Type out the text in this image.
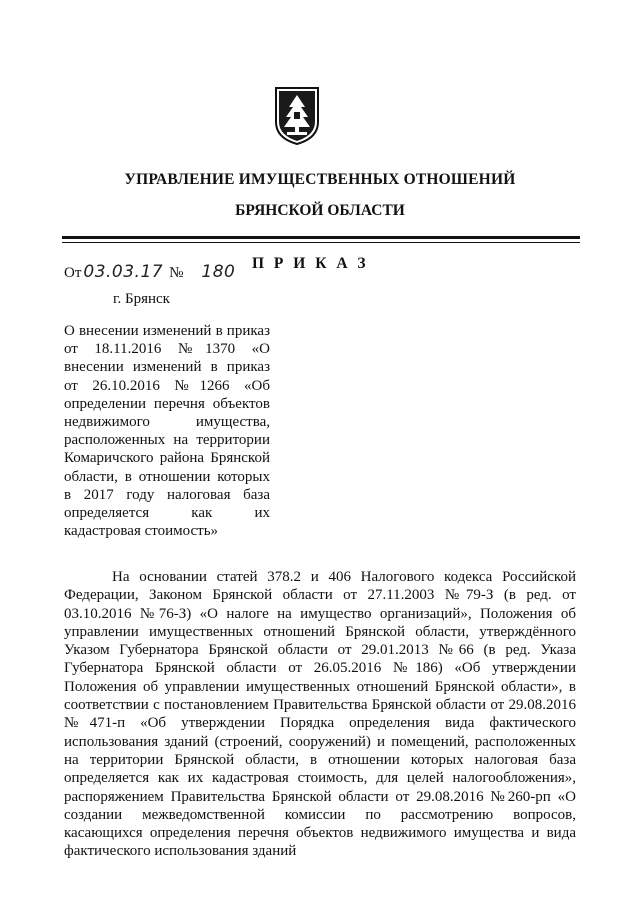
УПРАВЛЕНИЕ ИМУЩЕСТВЕННЫХ ОТНОШЕНИЙ
БРЯНСКОЙ ОБЛАСТИ
П Р И К А З
От 03.03.17 № 180
г. Брянск
О внесении изменений в приказ от 18.11.2016 №1370 «О внесении изменений в приказ от 26.10.2016 №1266 «Об определении перечня объектов недвижимого имущества, расположенных на территории Комаричского района Брянской области, в отношении которых в 2017 году налоговая база определяется как их кадастровая стоимость»
На основании статей 378.2 и 406 Налогового кодекса Российской Федерации, Законом Брянской области от 27.11.2003 №79-З (в ред. от 03.10.2016 №76-З) «О налоге на имущество организаций», Положения об управлении имущественных отношений Брянской области, утверждённого Указом Губернатора Брянской области от 29.01.2013 №66 (в ред. Указа Губернатора Брянской области от 26.05.2016 №186) «Об утверждении Положения об управлении имущественных отношений Брянской области», в соответствии с постановлением Правительства Брянской области от 29.08.2016 №471-п «Об утверждении Порядка определения вида фактического использования зданий (строений, сооружений) и помещений, расположенных на территории Брянской области, в отношении которых налоговая база определяется как их кадастровая стоимость, для целей налогообложения», распоряжением Правительства Брянской области от 29.08.2016 №260-рп «О создании межведомственной комиссии по рассмотрению вопросов, касающихся определения перечня объектов недвижимого имущества и вида фактического использования зданий
